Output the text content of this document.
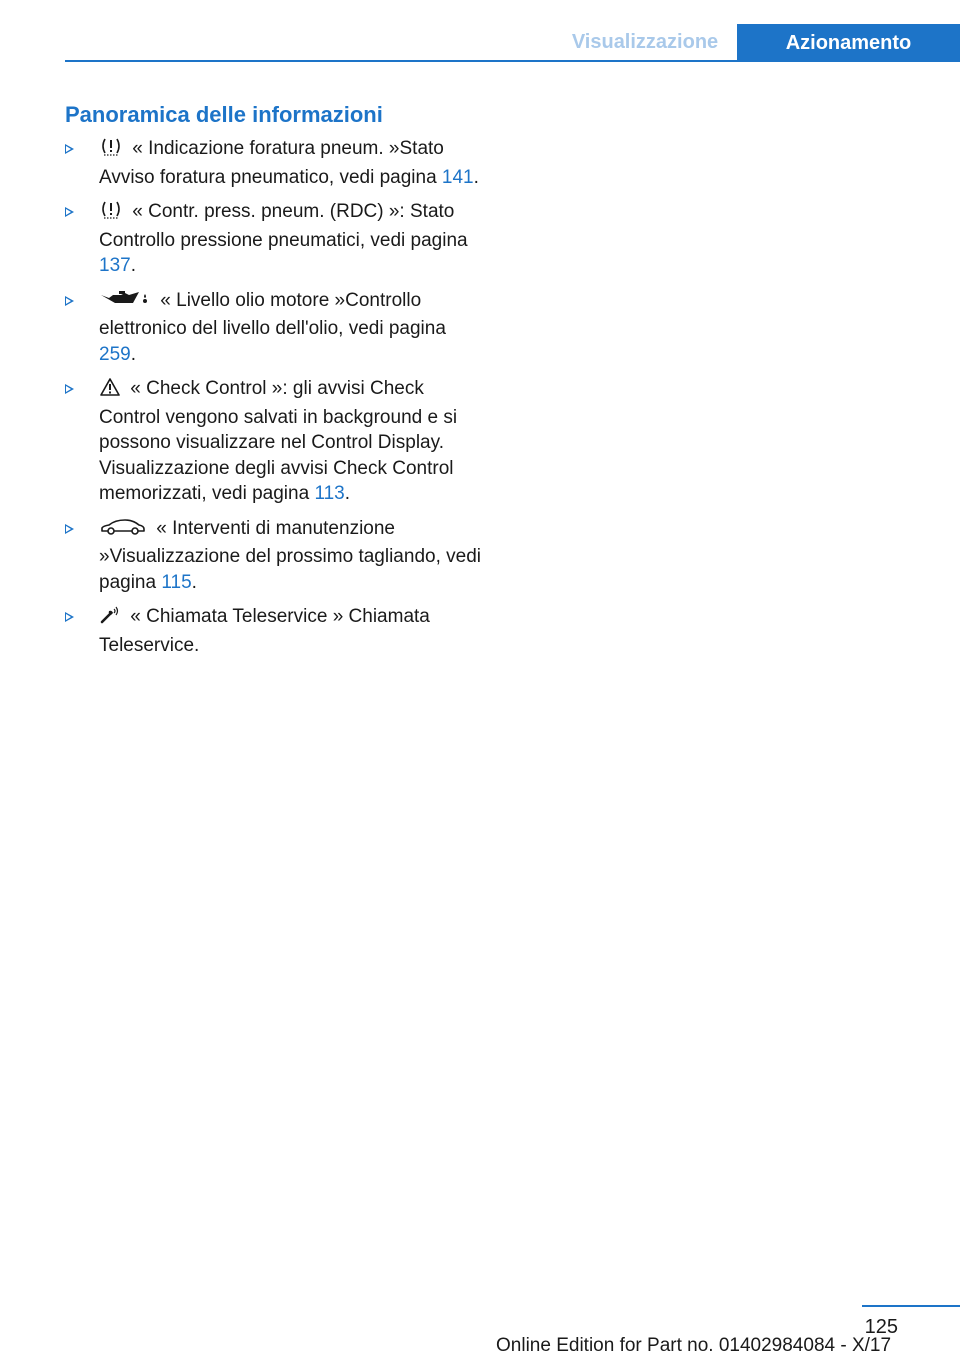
Visualizzazione	Azionamento
Panoramica delle informazioni
« Indicazione foratura pneum. »Stato Avviso foratura pneumatico, vedi pagina 141.
« Contr. press. pneum. (RDC) »: Stato Controllo pressione pneumatici, vedi pagina 137.
« Livello olio motore »Controllo elettronico del livello dell'olio, vedi pagina 259.
« Check Control »: gli avvisi Check Control vengono salvati in background e si possono visualizzare nel Control Display. Visualizzazione degli avvisi Check Control memorizzati, vedi pagina 113.
« Interventi di manutenzione »Visualizzazione del prossimo tagliando, vedi pagina 115.
« Chiamata Teleservice » Chiamata Teleservice.
125
Online Edition for Part no. 01402984084 - X/17
